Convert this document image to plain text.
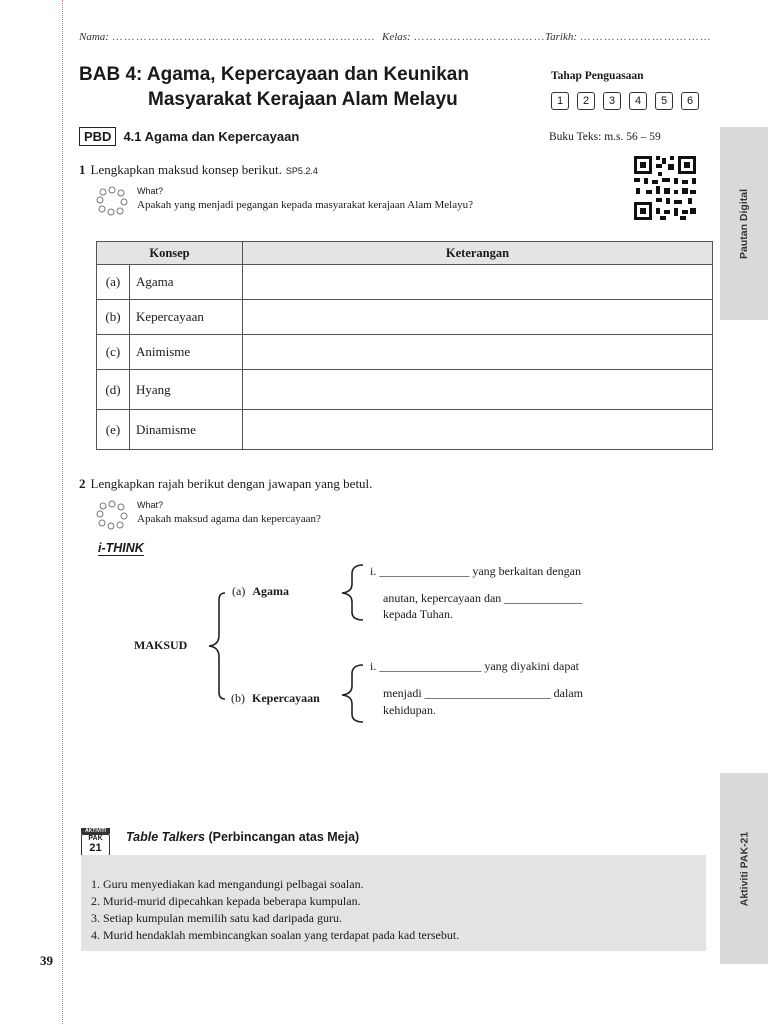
39
Nama: ………………………………………………………… Kelas: …………………………… Tarikh: ……………………………
BAB 4: Agama, Kepercayaan dan Keunikan
Masyarakat Kerajaan Alam Melayu
Tahap Penguasaan
1	2	3	4	5	6
PBD 4.1 Agama dan Kepercayaan	Buku Teks: m.s. 56 – 59
Pautan Digital
Aktiviti PAK-21
1 Lengkapkan maksud konsep berikut. SP5.2.4
What?
Apakah yang menjadi pegangan kepada masyarakat kerajaan Alam Melayu?
Konsep		Keterangan
(a)	Agama	
(b)	Kepercayaan	
(c)	Animisme	
(d)	Hyang	
(e)	Dinamisme	
2 Lengkapkan rajah berikut dengan jawapan yang betul.
What?
Apakah maksud agama dan kepercayaan?
i-THINK
MAKSUD
(a) Agama
(b) Kepercayaan
i. _______________ yang berkaitan dengan
anutan, kepercayaan dan _____________
kepada Tuhan.
i. _________________ yang diyakini dapat
menjadi _____________________ dalam
kehidupan.
AKTIVITI
PAK
21
Table Talkers (Perbincangan atas Meja)
1. Guru menyediakan kad mengandungi pelbagai soalan.
2. Murid-murid dipecahkan kepada beberapa kumpulan.
3. Setiap kumpulan memilih satu kad daripada guru.
4. Murid hendaklah membincangkan soalan yang terdapat pada kad tersebut.
